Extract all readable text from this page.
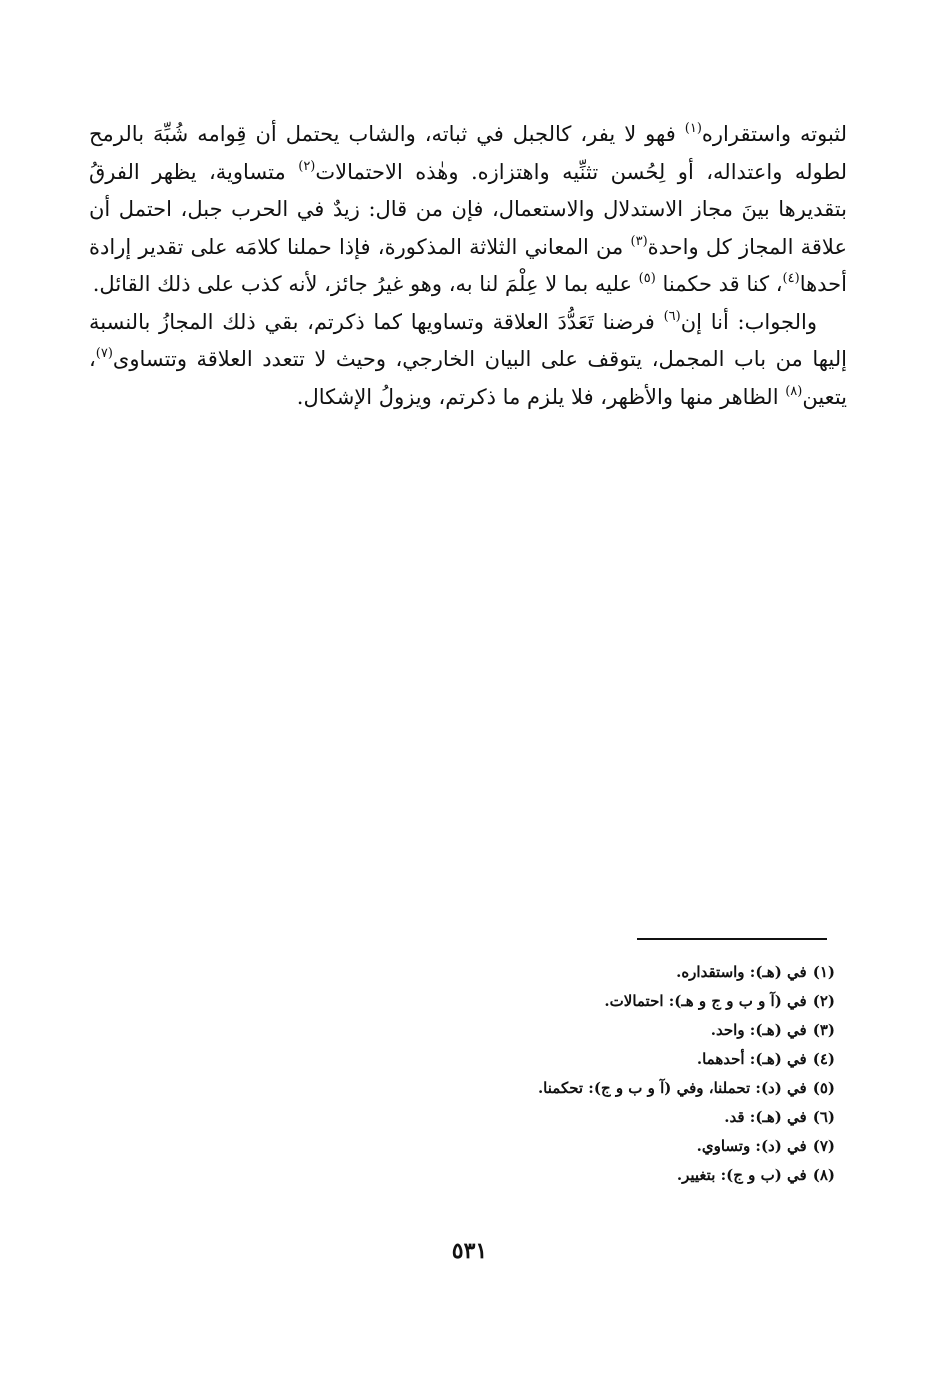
لثبوته واستقراره$^{(١)}$ فهو لا يفر، كالجبل في ثباته، والشاب يحتمل أن قِوامه شُبِّهَ بالرمح لطوله واعتداله، أو لِحُسن تثنِّيه واهتزازه. وهٰذه الاحتمالات$^{(٢)}$ متساوية، يظهر الفرقُ بتقديرها بينَ مجاز الاستدلال والاستعمال، فإن من قال: زيدٌ في الحرب جبل، احتمل أن علاقة المجاز كل واحدة$^{(٣)}$ من المعاني الثلاثة المذكورة، فإذا حملنا كلامَه على تقدير إرادة أحدها$^{(٤)}$، كنا قد حكمنا $^{(٥)}$ عليه بما لا عِلْمَ لنا به، وهو غيرُ جائز، لأنه كذب على ذلك القائل.

والجواب: أنا إن$^{(٦)}$ فرضنا تَعَدُّدَ العلاقة وتساويها كما ذكرتم، بقي ذلك المجازُ بالنسبة إليها من باب المجمل، يتوقف على البيان الخارجي، وحيث لا تتعدد العلاقة وتتساوى$^{(٧)}$، يتعين$^{(٨)}$ الظاهر منها والأظهر، فلا يلزم ما ذكرتم، ويزولُ الإشكال.

(١)في (هـ): واستقداره.
(٢)في (آ و ب و ج و هـ): احتمالات.
(٣)في (هـ): واحد.
(٤)في (هـ): أحدهما.
(٥)في (د): تحملنا، وفي (آ و ب و ج): تحكمنا.
(٦)في (هـ): قد.
(٧)في (د): وتساوي.
(٨)في (ب و ج): بتغيير.
٥٣١
